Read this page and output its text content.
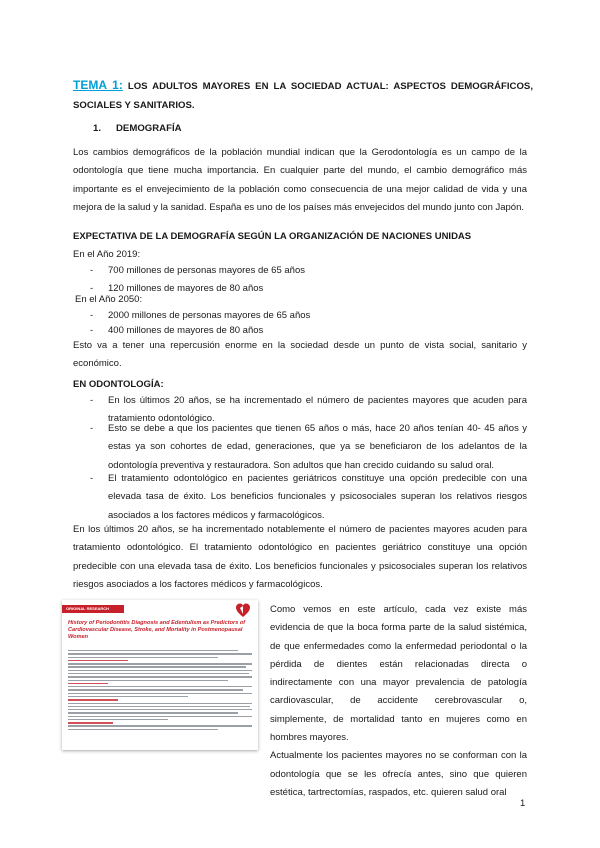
TEMA 1: LOS ADULTOS MAYORES EN LA SOCIEDAD ACTUAL: ASPECTOS DEMOGRÁFICOS, SOCIALES Y SANITARIOS.
1. DEMOGRAFÍA

Los cambios demográficos de la población mundial indican que la Gerodontología es un campo de la odontología que tiene mucha importancia. En cualquier parte del mundo, el cambio demográfico más importante es el envejecimiento de la población como consecuencia de una mejor calidad de vida y una mejora de la salud y la sanidad. España es uno de los países más envejecidos del mundo junto con Japón.

EXPECTATIVA DE LA DEMOGRAFÍA SEGÚN LA ORGANIZACIÓN DE NACIONES UNIDAS
En el Año 2019:
- 700 millones de personas mayores de 65 años
- 120 millones de mayores de 80 años
En el Año 2050:
- 2000 millones de personas mayores de 65 años
- 400 millones de mayores de 80 años

Esto va a tener una repercusión enorme en la sociedad desde un punto de vista social, sanitario y económico.

EN ODONTOLOGÍA:
- En los últimos 20 años, se ha incrementado el número de pacientes mayores que acuden para tratamiento odontológico.
- Esto se debe a que los pacientes que tienen 65 años o más, hace 20 años tenían 40- 45 años y estas ya son cohortes de edad, generaciones, que ya se beneficiaron de los adelantos de la odontología preventiva y restauradora. Son adultos que han crecido cuidando su salud oral.
- El tratamiento odontológico en pacientes geriátricos constituye una opción predecible con una elevada tasa de éxito. Los beneficios funcionales y psicosociales superan los relativos riesgos asociados a los factores médicos y farmacológicos.

En los últimos 20 años, se ha incrementado notablemente el número de pacientes mayores acuden para tratamiento odontológico. El tratamiento odontológico en pacientes geriátrico constituye una opción predecible con una elevada tasa de éxito. Los beneficios funcionales y psicosociales superan los relativos riesgos asociados a los factores médicos y farmacológicos.

ORIGINAL RESEARCH
History of Periodontitis Diagnosis and Edentulism as Predictors of Cardiovascular Disease, Stroke, and Mortality in Postmenopausal Women

Como vemos en este artículo, cada vez existe más evidencia de que la boca forma parte de la salud sistémica, de que enfermedades como la enfermedad periodontal o la pérdida de dientes están relacionadas directa o indirectamente con una mayor prevalencia de patología cardiovascular, de accidente cerebrovascular o, simplemente, de mortalidad tanto en mujeres como en hombres mayores.

Actualmente los pacientes mayores no se conforman con la odontología que se les ofrecía antes, sino que quieren estética, tartrectomías, raspados, etc. quieren salud oral

1
